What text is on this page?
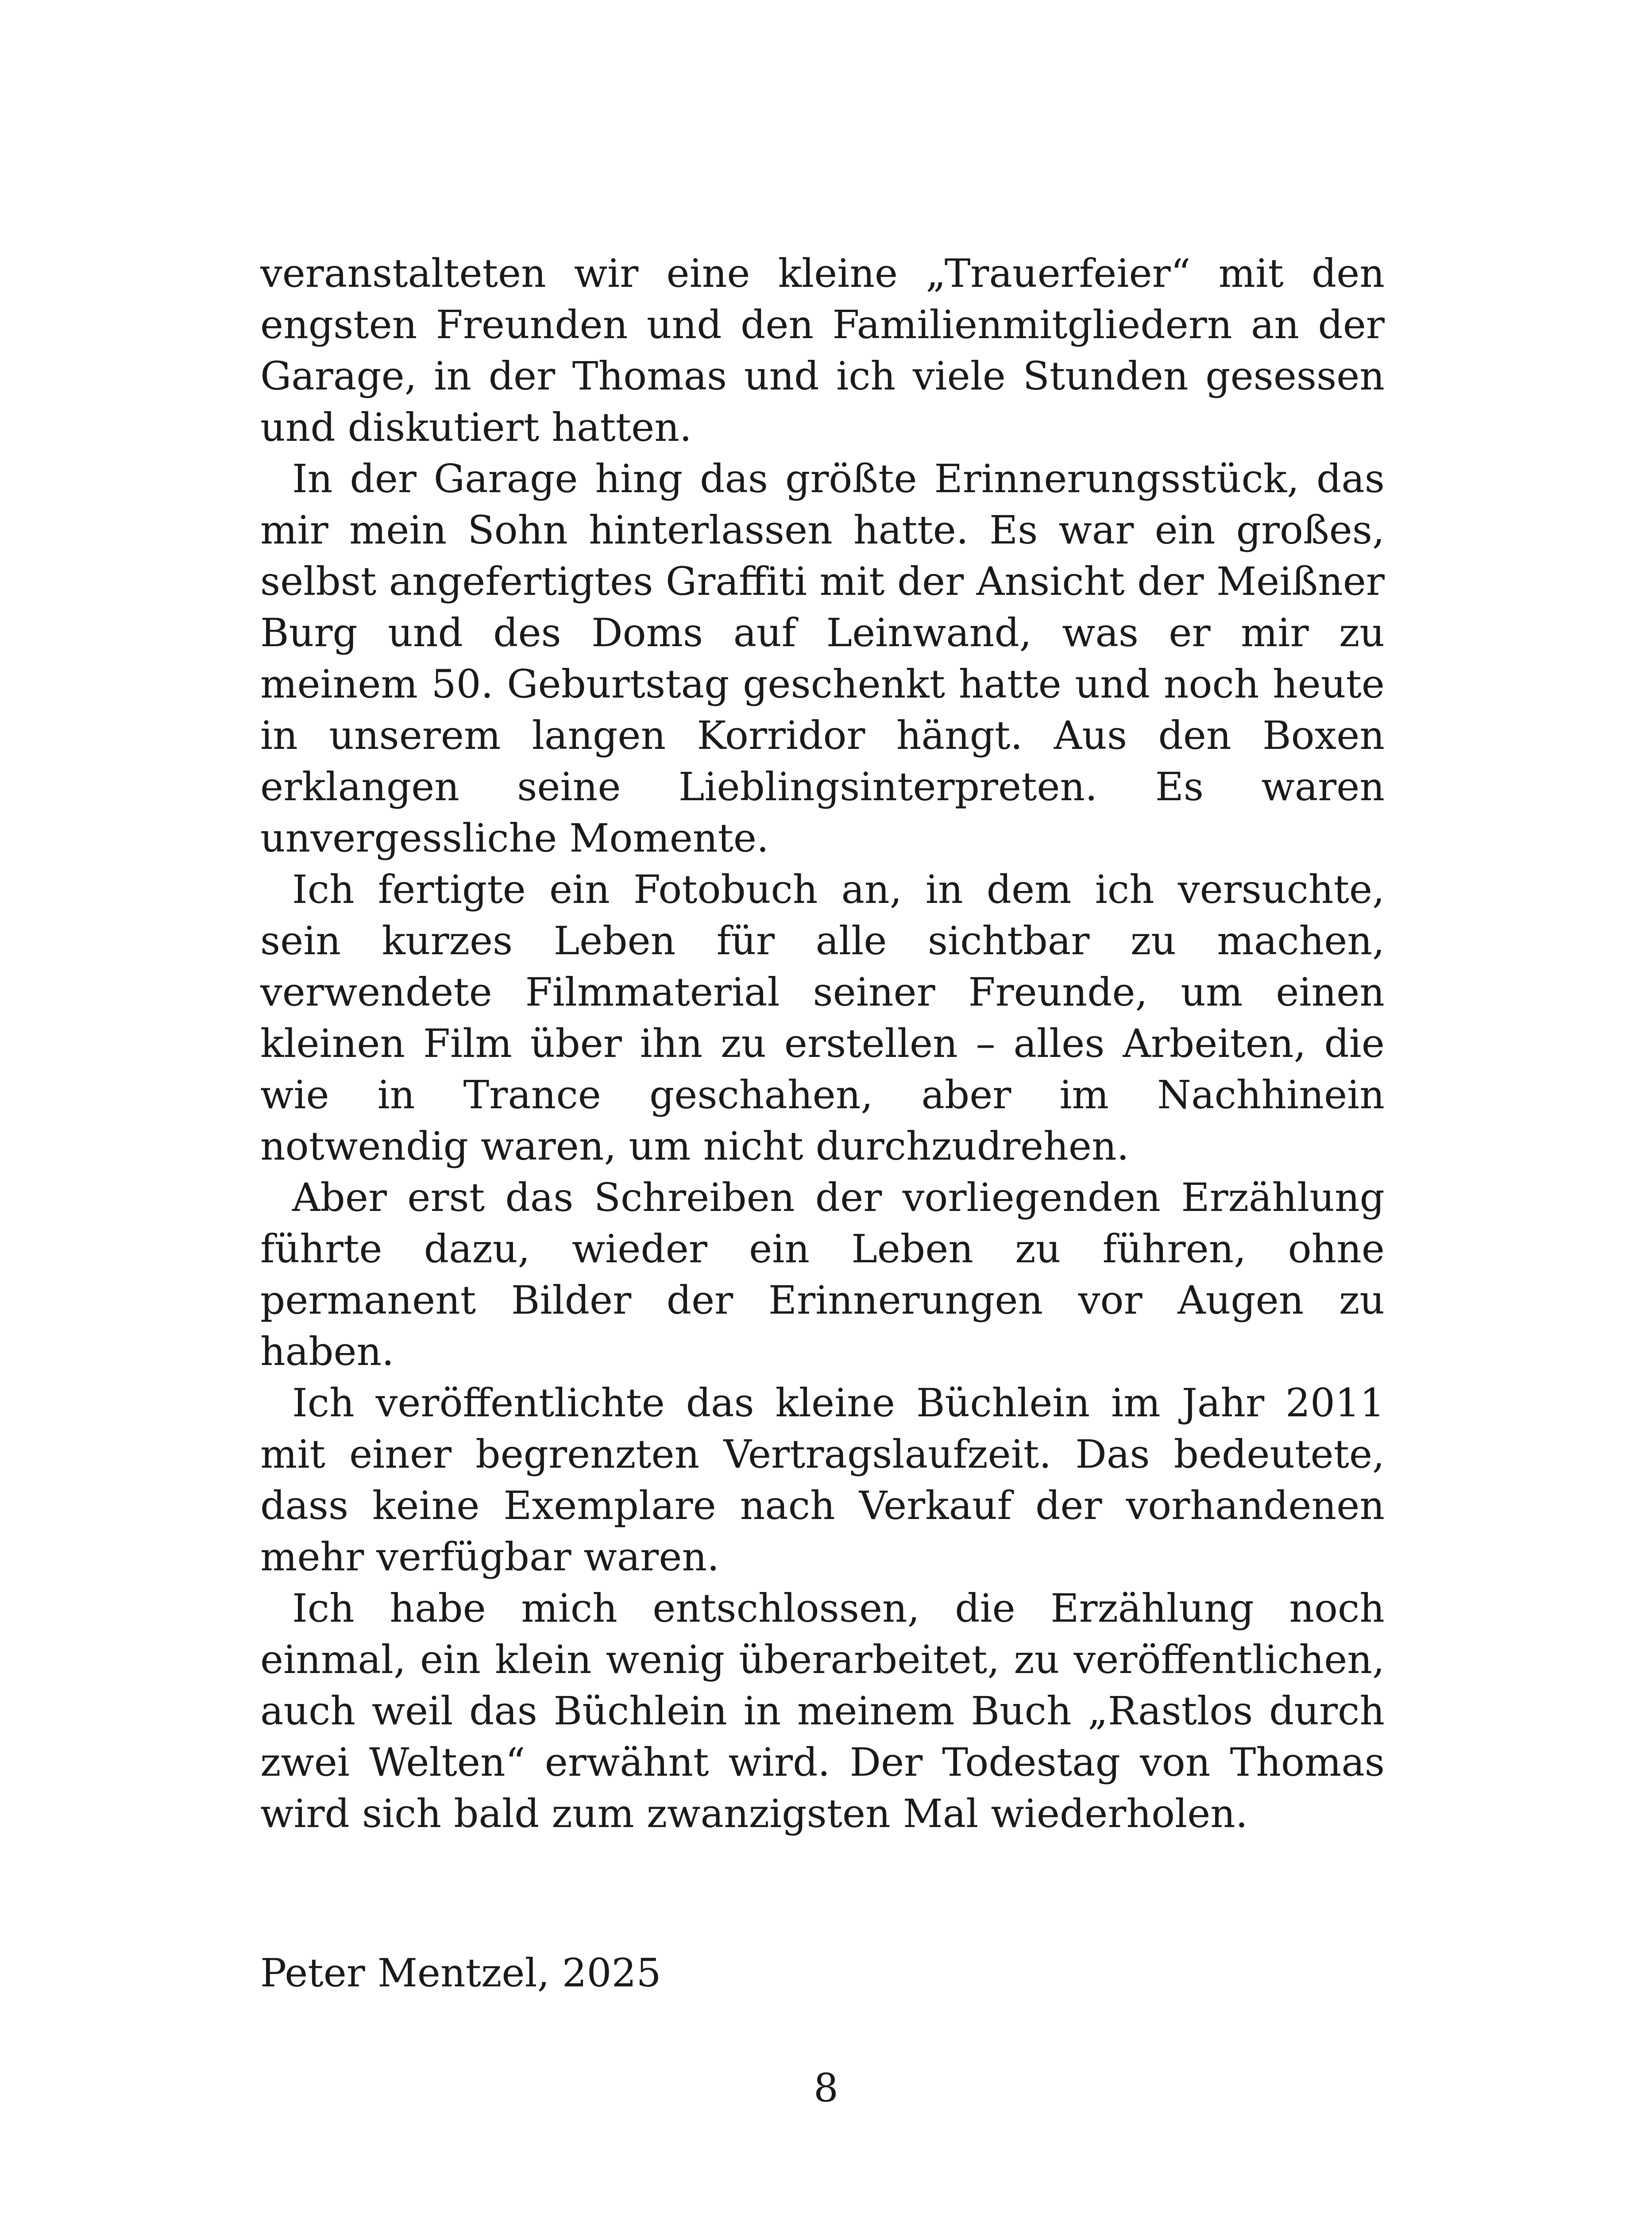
veranstalteten wir eine kleine „Trauerfeier“ mit den engsten Freunden und den Familienmitgliedern an der Garage, in der Thomas und ich viele Stunden gesessen und diskutiert hatten.

In der Garage hing das größte Erinnerungsstück, das mir mein Sohn hinterlassen hatte. Es war ein großes, selbst angefertigtes Graffiti mit der Ansicht der Meißner Burg und des Doms auf Leinwand, was er mir zu meinem 50. Geburtstag geschenkt hatte und noch heute in unserem langen Korridor hängt. Aus den Boxen erklangen seine Lieblingsinterpreten. Es waren unvergessliche Momente.

Ich fertigte ein Fotobuch an, in dem ich versuchte, sein kurzes Leben für alle sichtbar zu machen, verwendete Filmmaterial seiner Freunde, um einen kleinen Film über ihn zu erstellen – alles Arbeiten, die wie in Trance geschahen, aber im Nachhinein notwendig waren, um nicht durchzudrehen.

Aber erst das Schreiben der vorliegenden Erzählung führte dazu, wieder ein Leben zu führen, ohne permanent Bilder der Erinnerungen vor Augen zu haben.

Ich veröffentlichte das kleine Büchlein im Jahr 2011 mit einer begrenzten Vertragslaufzeit. Das bedeutete, dass keine Exemplare nach Verkauf der vorhandenen mehr verfügbar waren.

Ich habe mich entschlossen, die Erzählung noch einmal, ein klein wenig überarbeitet, zu veröffentlichen, auch weil das Büchlein in meinem Buch „Rastlos durch zwei Welten“ erwähnt wird. Der Todestag von Thomas wird sich bald zum zwanzigsten Mal wiederholen.

Peter Mentzel, 2025

8
